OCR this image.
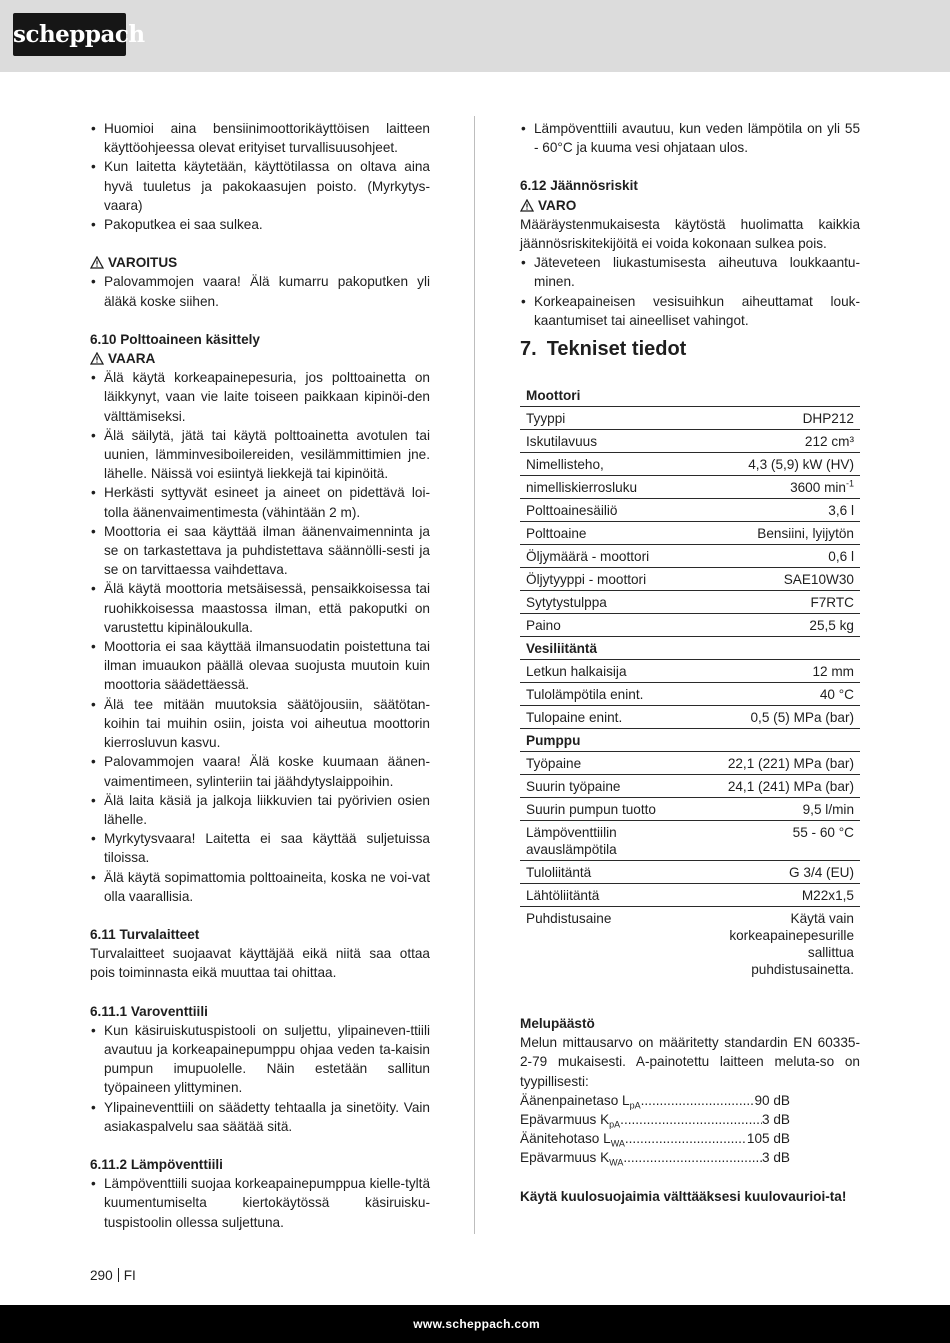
scheppach
• Huomioi aina bensiinimoottorikäyttöisen laitteen käyttöohjeessa olevat erityiset turvallisuusohjeet.
• Kun laitetta käytetään, käyttötilassa on oltava aina hyvä tuuletus ja pakokaasujen poisto. (Myrkytys-vaara)
• Pakoputkea ei saa sulkea.
VAROITUS
• Palovammojen vaara! Älä kumarru pakoputken yli äläkä koske siihen.
6.10 Polttoaineen käsittely
VAARA
• Älä käytä korkeapainepesuria, jos polttoainetta on läikkynyt, vaan vie laite toiseen paikkaan kipinöi-den välttämiseksi.
• Älä säilytä, jätä tai käytä polttoainetta avotulen tai uunien, lämminvesiboilereiden, vesilämmittimien jne. lähelle. Näissä voi esiintyä liekkejä tai kipinöitä.
• Herkästi syttyvät esineet ja aineet on pidettävä loi-tolla äänenvaimentimesta (vähintään 2 m).
• Moottoria ei saa käyttää ilman äänenvaimenninta ja se on tarkastettava ja puhdistettava säännölli-sesti ja se on tarvittaessa vaihdettava.
• Älä käytä moottoria metsäisessä, pensaikkoisessa tai ruohikkoisessa maastossa ilman, että pakoputki on varustettu kipinäloukulla.
• Moottoria ei saa käyttää ilmansuodatin poistettuna tai ilman imuaukon päällä olevaa suojusta muutoin kuin moottoria säädettäessä.
• Älä tee mitään muutoksia säätöjousiin, säätötan-koihin tai muihin osiin, joista voi aiheutua moottorin kierrosluvun kasvu.
• Palovammojen vaara! Älä koske kuumaan äänen-vaimentimeen, sylinteriin tai jäähdytyslaippoihin.
• Älä laita käsiä ja jalkoja liikkuvien tai pyörivien osien lähelle.
• Myrkytysvaara! Laitetta ei saa käyttää suljetuissa tiloissa.
• Älä käytä sopimattomia polttoaineita, koska ne voi-vat olla vaarallisia.
6.11 Turvalaitteet

Turvalaitteet suojaavat käyttäjää eikä niitä saa ottaa pois toiminnasta eikä muuttaa tai ohittaa.

6.11.1 Varoventtiili
• Kun käsiruiskutuspistooli on suljettu, ylipaineven-ttiili avautuu ja korkeapainepumppu ohjaa veden ta-kaisin pumpun imupuolelle. Näin estetään sallitun työpaineen ylittyminen.
• Ylipaineventtiili on säädetty tehtaalla ja sinetöity. Vain asiakaspalvelu saa säätää sitä.
6.11.2 Lämpöventtiili
• Lämpöventtiili suojaa korkeapainepumppua kielle-tyltä kuumentumiselta kiertokäytössä käsiruisku-tuspistoolin ollessa suljettuna.
• Lämpöventtiili avautuu, kun veden lämpötila on yli 55 - 60°C ja kuuma vesi ohjataan ulos.
6.12 Jäännösriskit
VARO

Määräystenmukaisesta käytöstä huolimatta kaikkia jäännösriskitekijöitä ei voida kokonaan sulkea pois.

• Jäteveteen liukastumisesta aiheutuva loukkaantu-minen.
• Korkeapaineisen vesisuihkun aiheuttamat louk-kaantumiset tai aineelliset vahingot.
7. Tekniset tiedot
Moottori	
Tyyppi	DHP212
Iskutilavuus	212 cm³
Nimellisteho,	4,3 (5,9) kW (HV)
nimelliskierrosluku	3600 $\min^{-1}$
Polttoainesäiliö	3,6 l
Polttoaine	Bensiini, lyijytön
Öljymäärä - moottori	0,6 l
Öljytyyppi - moottori	SAE10W30
Sytytystulppa	F7RTC
Paino	25,5 kg
Vesiliitäntä	
Letkun halkaisija	12 mm
Tulolämpötila enint.	40 °C
Tulopaine enint.	0,5 (5) MPa (bar)
Pumppu	
Työpaine	22,1 (221) MPa (bar)
Suurin työpaine	24,1 (241) MPa (bar)
Suurin pumpun tuotto	9,5 l/min
Lämpöventtiilin avauslämpötila	55 - 60 °C
Tuloliitäntä	G 3/4 (EU)
Lähtöliitäntä	M22x1,5
Puhdistusaine	Käytä vain korkeapainepesurille sallittua puhdistusainetta.
Melupäästö

Melun mittausarvo on määritetty standardin EN 60335-2-79 mukaisesti. A-painotettu laitteen meluta-so on tyypillisesti:

Äänenpainetaso $L_{pA}$ .....	90 dB
Epävarmuus $K_{pA}$ .....	3 dB
Äänitehotaso $L_{WA}$ .....	105 dB
Epävarmuus $K_{WA}$ .....	3 dB

Käytä kuulosuojaimia välttääksesi kuulovaurioi-ta!

290 FI
www.scheppach.com
